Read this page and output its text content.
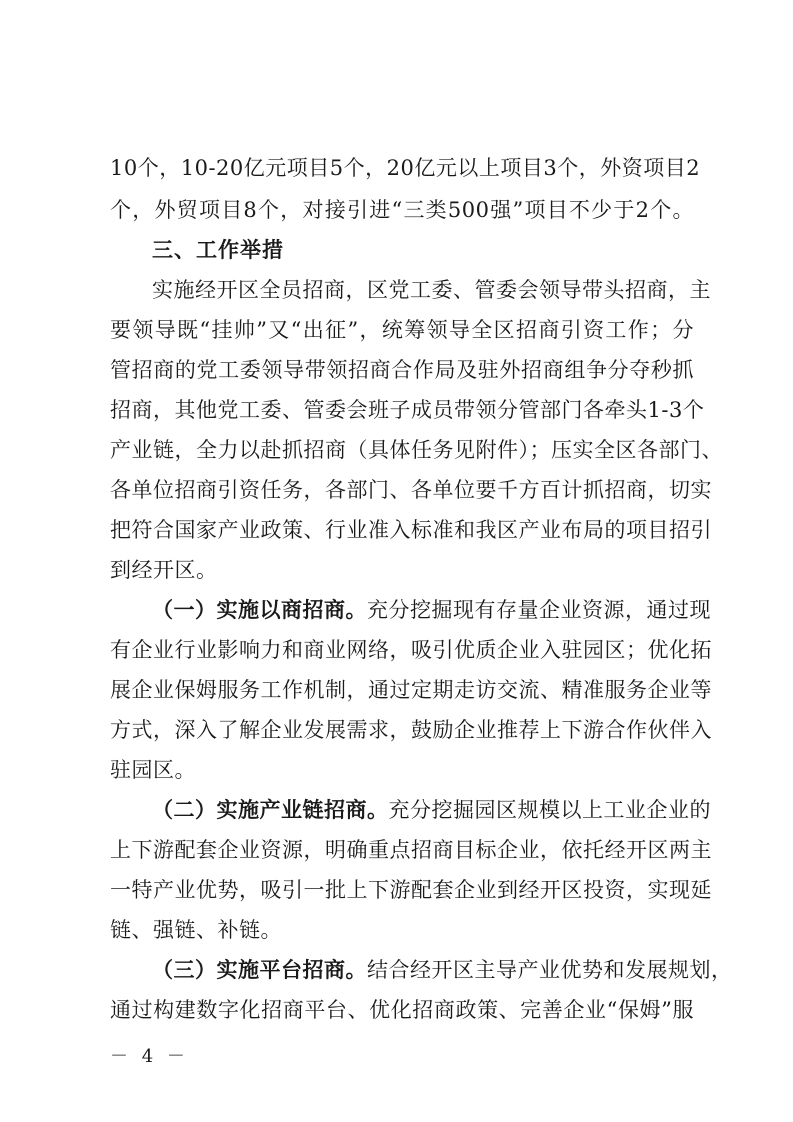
10个，10-20亿元项目5个，20亿元以上项目3个，外资项目2
个，外贸项目8个，对接引进“三类500强”项目不少于2个。
三、工作举措
实施经开区全员招商，区党工委、管委会领导带头招商，主
要领导既“挂帅”又“出征”，统筹领导全区招商引资工作；分
管招商的党工委领导带领招商合作局及驻外招商组争分夺秒抓
招商，其他党工委、管委会班子成员带领分管部门各牵头1-3个
产业链，全力以赴抓招商（具体任务见附件）；压实全区各部门、
各单位招商引资任务，各部门、各单位要千方百计抓招商，切实
把符合国家产业政策、行业准入标准和我区产业布局的项目招引
到经开区。
（一）实施以商招商。充分挖掘现有存量企业资源，通过现
有企业行业影响力和商业网络，吸引优质企业入驻园区；优化拓
展企业保姆服务工作机制，通过定期走访交流、精准服务企业等
方式，深入了解企业发展需求，鼓励企业推荐上下游合作伙伴入
驻园区。
（二）实施产业链招商。充分挖掘园区规模以上工业企业的
上下游配套企业资源，明确重点招商目标企业，依托经开区两主
一特产业优势，吸引一批上下游配套企业到经开区投资，实现延
链、强链、补链。
（三）实施平台招商。结合经开区主导产业优势和发展规划，
通过构建数字化招商平台、优化招商政策、完善企业“保姆”服
－ 4 －
